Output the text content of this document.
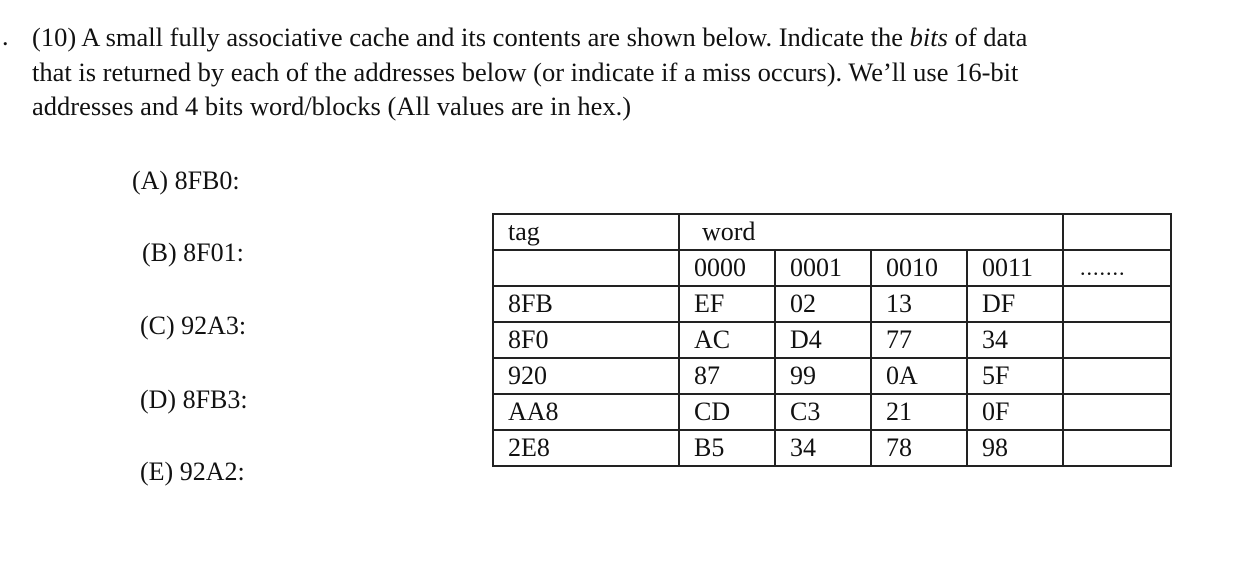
. (10) A small fully associative cache and its contents are shown below. Indicate the bits of data
that is returned by each of the addresses below (or indicate if a miss occurs). We’ll use 16-bit
addresses and 4 bits word/blocks (All values are in hex.)

(A) 8FB0:
(B) 8F01:
(C) 92A3:
(D) 8FB3:
(E) 92A2:
tag	word				
	0000	0001	0010	0011	.......
8FB	EF	02	13	DF	
8F0	AC	D4	77	34	
920	87	99	0A	5F	
AA8	CD	C3	21	0F	
2E8	B5	34	78	98	
